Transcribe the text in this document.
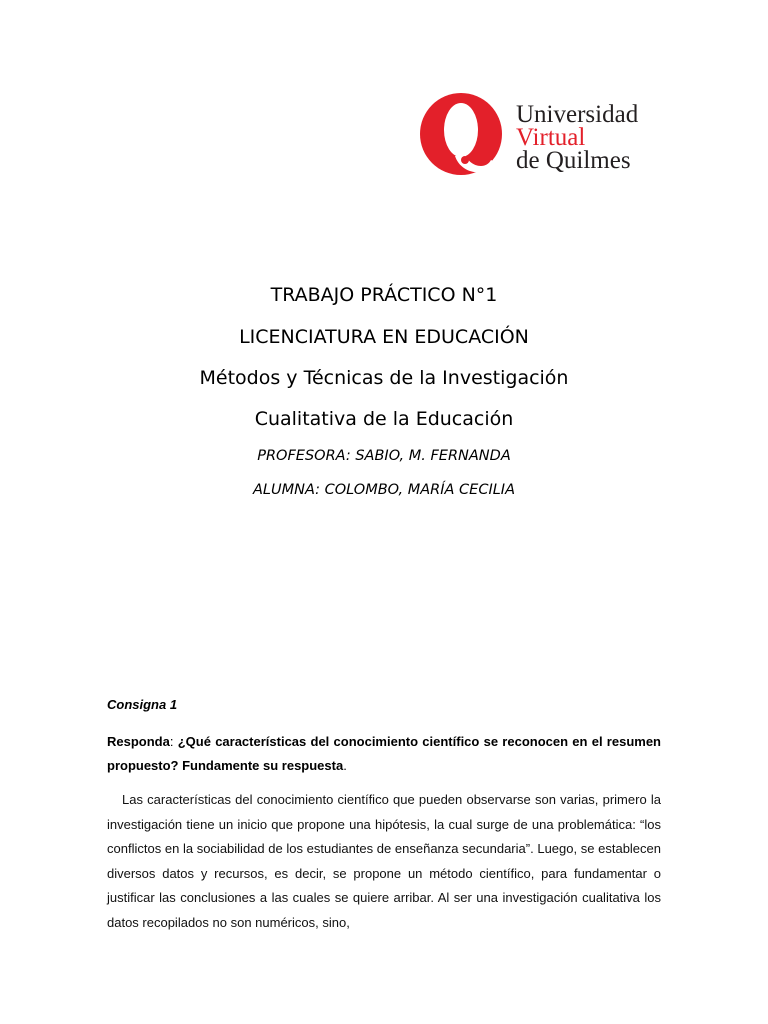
Universidad
Virtual
de Quilmes
TRABAJO PRÁCTICO N°1
LICENCIATURA EN EDUCACIÓN
Métodos y Técnicas de la Investigación
Cualitativa de la Educación
PROFESORA: SABIO, M. FERNANDA
ALUMNA: COLOMBO, MARÍA CECILIA
Consigna 1
Responda: ¿Qué características del conocimiento científico se reconocen en el resumen propuesto? Fundamente su respuesta.
Las características del conocimiento científico que pueden observarse son varias, primero la investigación tiene un inicio que propone una hipótesis, la cual surge de una problemática: “los conflictos en la sociabilidad de los estudiantes de enseñanza secundaria”. Luego, se establecen diversos datos y recursos, es decir, se propone un método científico, para fundamentar o justificar las conclusiones a las cuales se quiere arribar. Al ser una investigación cualitativa los datos recopilados no son numéricos, sino,
